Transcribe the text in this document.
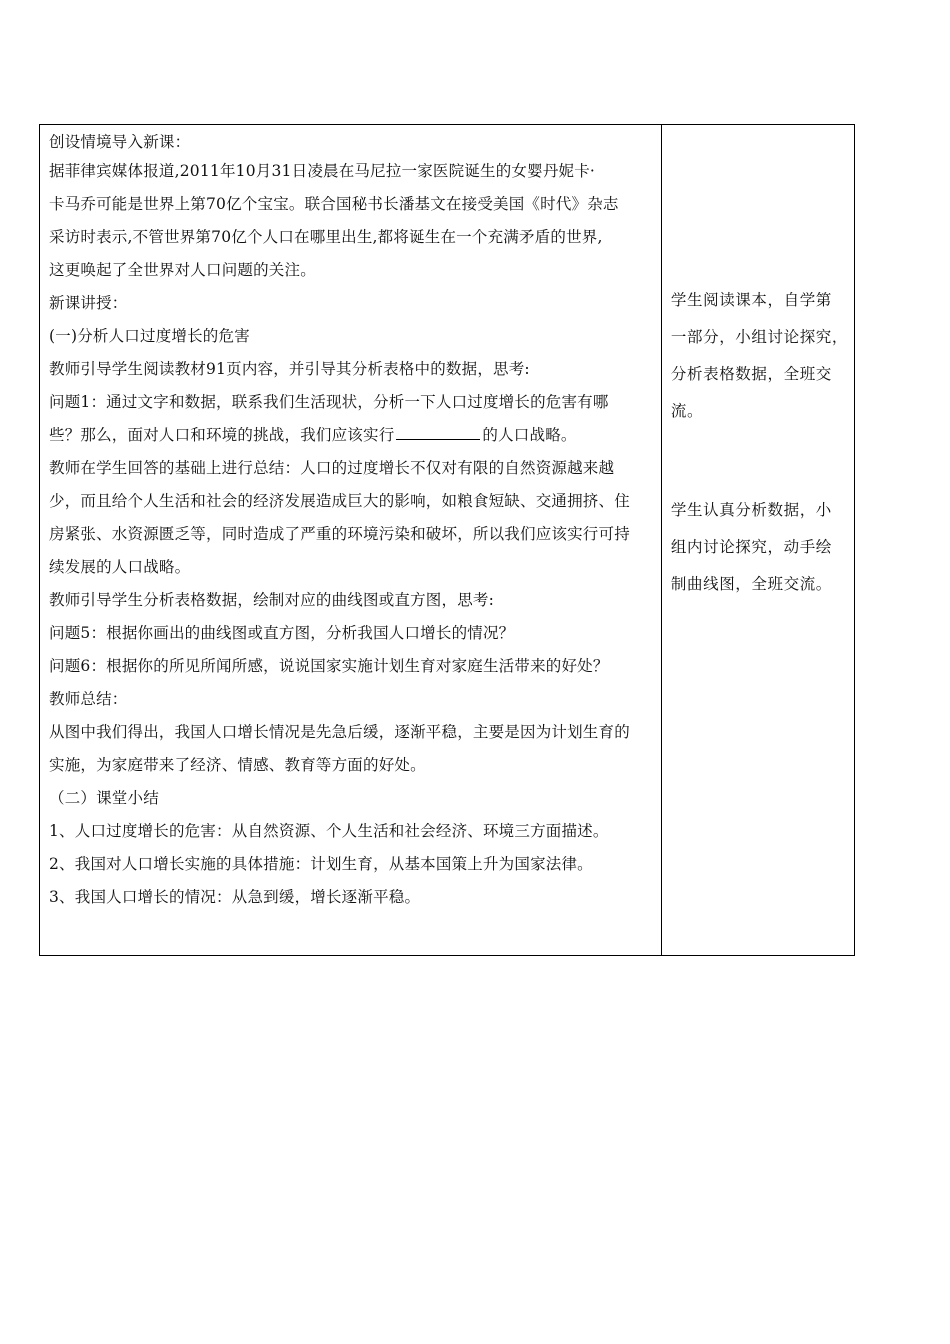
创设情境导入新课：

据菲律宾媒体报道,2011年10月31日凌晨在马尼拉一家医院诞生的女婴丹妮卡·

卡马乔可能是世界上第70亿个宝宝。联合国秘书长潘基文在接受美国《时代》杂志

采访时表示,不管世界第70亿个人口在哪里出生,都将诞生在一个充满矛盾的世界,

这更唤起了全世界对人口问题的关注。

新课讲授：

(一)分析人口过度增长的危害

教师引导学生阅读教材91页内容，并引导其分析表格中的数据，思考:

问题1：通过文字和数据，联系我们生活现状，分析一下人口过度增长的危害有哪

些？那么，面对人口和环境的挑战，我们应该实行	的人口战略。

教师在学生回答的基础上进行总结：人口的过度增长不仅对有限的自然资源越来越

少，而且给个人生活和社会的经济发展造成巨大的影响，如粮食短缺、交通拥挤、住

房紧张、水资源匮乏等，同时造成了严重的环境污染和破坏，所以我们应该实行可持

续发展的人口战略。

教师引导学生分析表格数据，绘制对应的曲线图或直方图，思考:

问题5：根据你画出的曲线图或直方图，分析我国人口增长的情况？

问题6：根据你的所见所闻所感，说说国家实施计划生育对家庭生活带来的好处？

教师总结：

从图中我们得出，我国人口增长情况是先急后缓，逐渐平稳，主要是因为计划生育的

实施，为家庭带来了经济、情感、教育等方面的好处。

（二）课堂小结

1、人口过度增长的危害：从自然资源、个人生活和社会经济、环境三方面描述。

2、我国对人口增长实施的具体措施：计划生育，从基本国策上升为国家法律。

3、我国人口增长的情况：从急到缓，增长逐渐平稳。

学生阅读课本，自学第

一部分，小组讨论探究，

分析表格数据，全班交

流。

学生认真分析数据，小

组内讨论探究，动手绘

制曲线图，全班交流。
